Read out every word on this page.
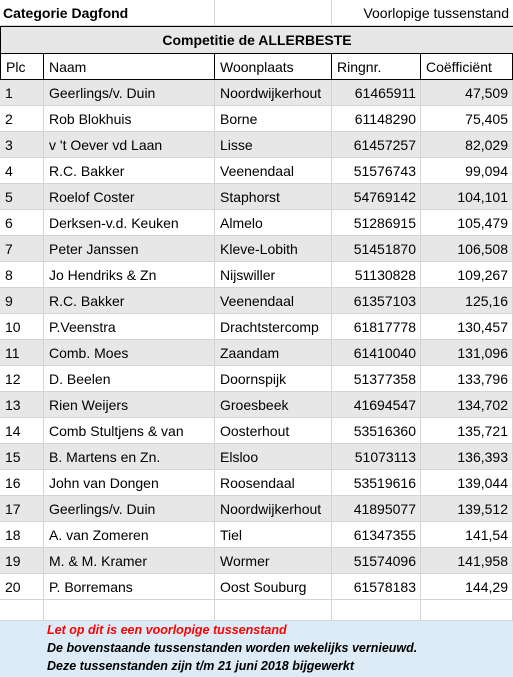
Categorie Dagfond	Voorlopige tussenstand
Competitie de ALLERBESTE
Plc	Naam	Woonplaats	Ringnr.	Coëfficiënt
1	Geerlings/v. Duin	Noordwijkerhout	61465911	47,509
2	Rob Blokhuis	Borne	61148290	75,405
3	v 't Oever vd Laan	Lisse	61457257	82,029
4	R.C. Bakker	Veenendaal	51576743	99,094
5	Roelof Coster	Staphorst	54769142	104,101
6	Derksen-v.d. Keuken	Almelo	51286915	105,479
7	Peter Janssen	Kleve-Lobith	51451870	106,508
8	Jo Hendriks & Zn	Nijswiller	51130828	109,267
9	R.C. Bakker	Veenendaal	61357103	125,16
10	P.Veenstra	Drachtstercomp	61817778	130,457
11	Comb. Moes	Zaandam	61410040	131,096
12	D. Beelen	Doornspijk	51377358	133,796
13	Rien Weijers	Groesbeek	41694547	134,702
14	Comb Stultjens & van	Oosterhout	53516360	135,721
15	B. Martens en Zn.	Elsloo	51073113	136,393
16	John van Dongen	Roosendaal	53519616	139,044
17	Geerlings/v. Duin	Noordwijkerhout	41895077	139,512
18	A. van Zomeren	Tiel	61347355	141,54
19	M. & M. Kramer	Wormer	51574096	141,958
20	P. Borremans	Oost Souburg	61578183	144,29
Let op dit is een voorlopige tussenstand
De bovenstaande tussenstanden worden wekelijks vernieuwd.
Deze tussenstanden zijn t/m 21 juni 2018 bijgewerkt
